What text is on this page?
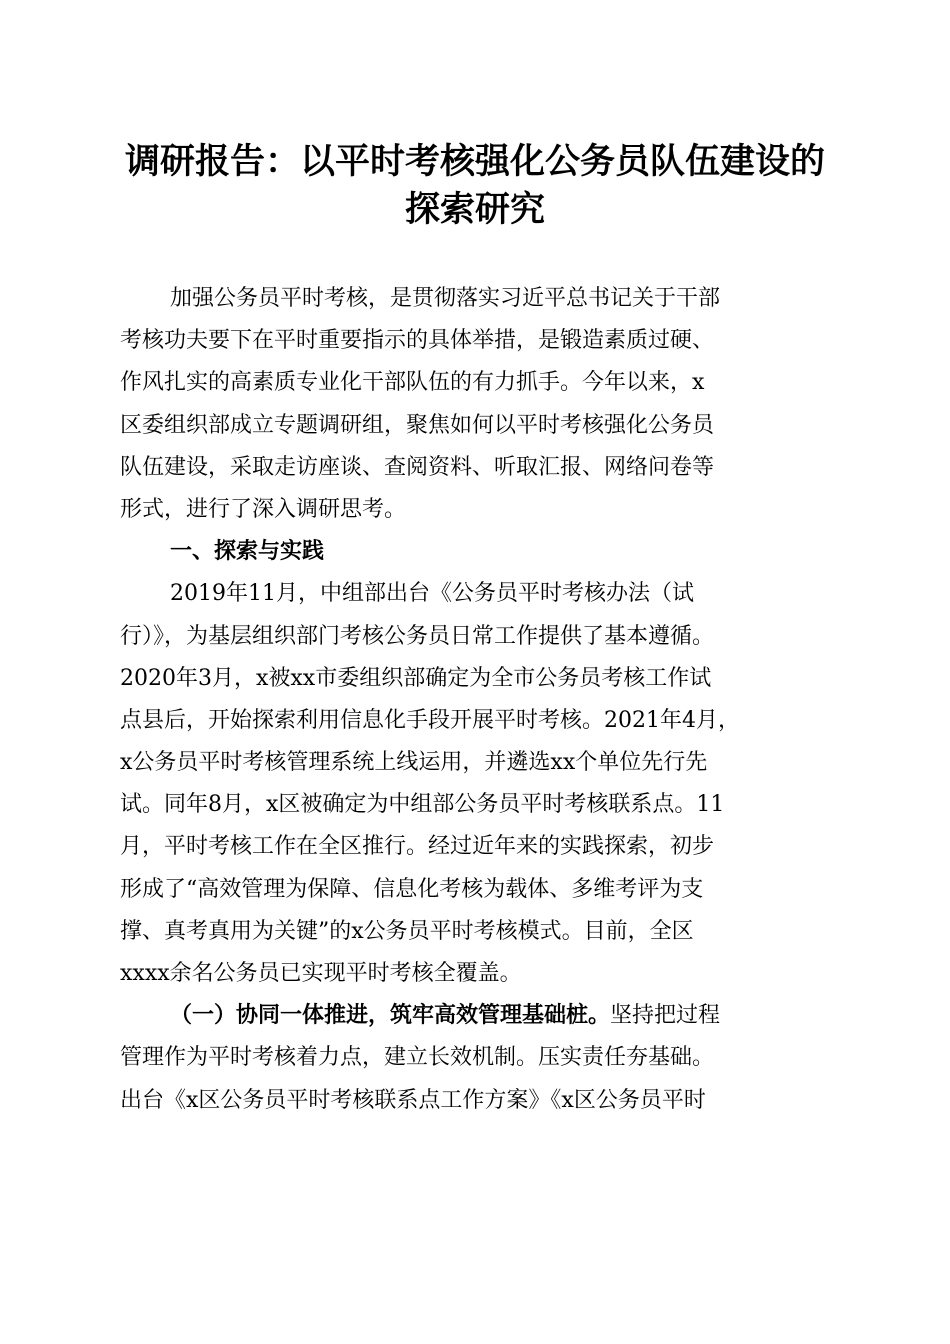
调研报告：以平时考核强化公务员队伍建设的
探索研究
加强公务员平时考核，是贯彻落实习近平总书记关于干部
考核功夫要下在平时重要指示的具体举措，是锻造素质过硬、
作风扎实的高素质专业化干部队伍的有力抓手。今年以来，x
区委组织部成立专题调研组，聚焦如何以平时考核强化公务员
队伍建设，采取走访座谈、查阅资料、听取汇报、网络问卷等
形式，进行了深入调研思考。
一、探索与实践
2019年11月，中组部出台《公务员平时考核办法（试
行）》，为基层组织部门考核公务员日常工作提供了基本遵循。
2020年3月，x被xx市委组织部确定为全市公务员考核工作试
点县后，开始探索利用信息化手段开展平时考核。2021年4月，
x公务员平时考核管理系统上线运用，并遴选xx个单位先行先
试。同年8月，x区被确定为中组部公务员平时考核联系点。11
月，平时考核工作在全区推行。经过近年来的实践探索，初步
形成了“高效管理为保障、信息化考核为载体、多维考评为支
撑、真考真用为关键”的x公务员平时考核模式。目前，全区
xxxx余名公务员已实现平时考核全覆盖。
（一）协同一体推进，筑牢高效管理基础桩。坚持把过程
管理作为平时考核着力点，建立长效机制。压实责任夯基础。
出台《x区公务员平时考核联系点工作方案》《x区公务员平时
